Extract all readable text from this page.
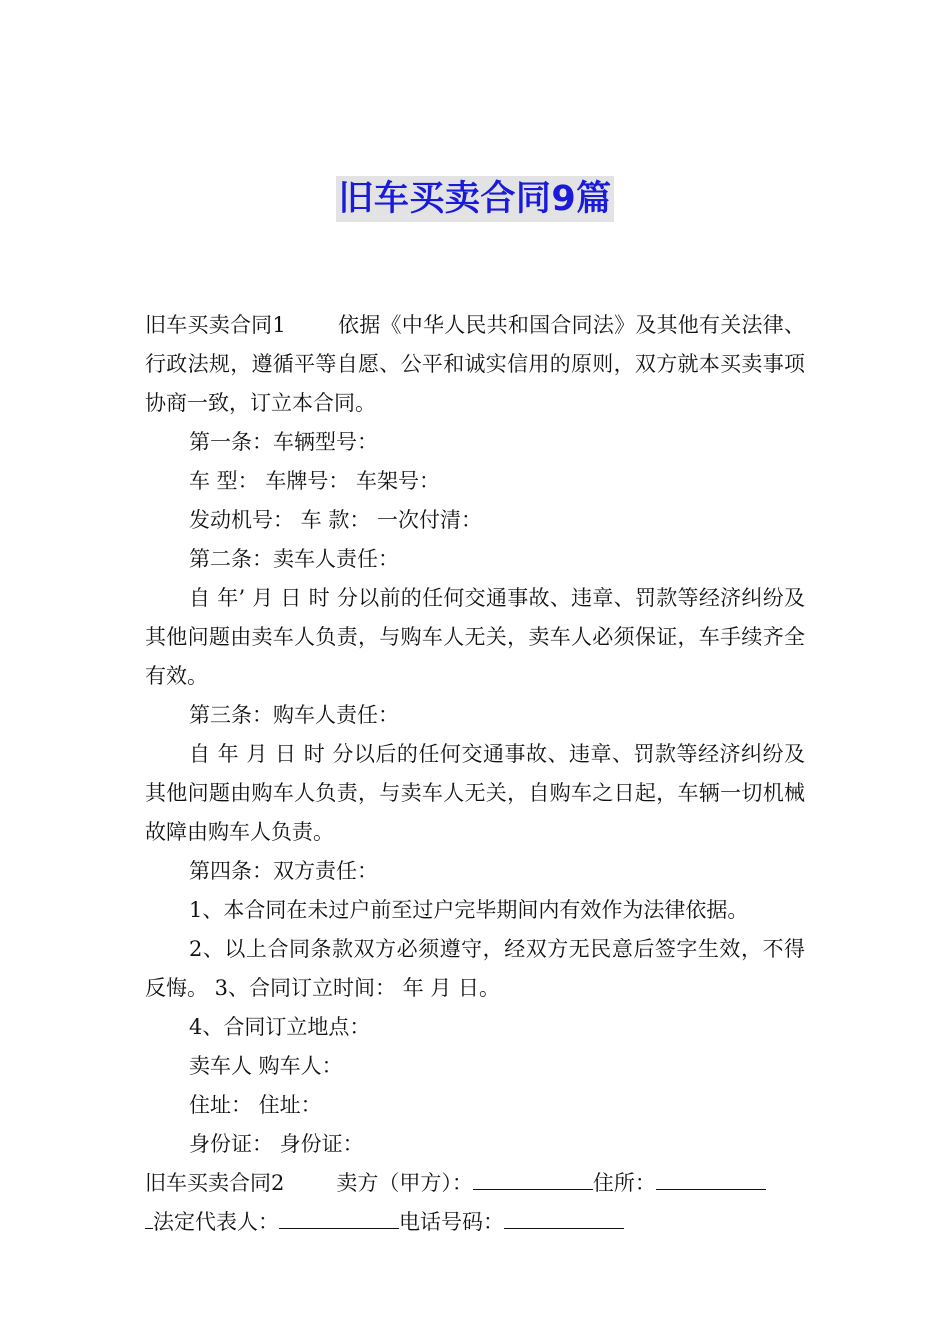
旧车买卖合同9篇

旧车买卖合同1 依据《中华人民共和国合同法》及其他有关法律、行政法规，遵循平等自愿、公平和诚实信用的原则，双方就本买卖事项协商一致，订立本合同。

第一条：车辆型号：

车 型： 车牌号： 车架号：

发动机号： 车 款： 一次付清：

第二条：卖车人责任：

自 年’ 月 日 时 分以前的任何交通事故、违章、罚款等经济纠纷及其他问题由卖车人负责，与购车人无关，卖车人必须保证，车手续齐全有效。

第三条：购车人责任：

自 年 月 日 时 分以后的任何交通事故、违章、罚款等经济纠纷及其他问题由购车人负责，与卖车人无关，自购车之日起，车辆一切机械故障由购车人负责。

第四条：双方责任：

1、本合同在未过户前至过户完毕期间内有效作为法律依据。

2、以上合同条款双方必须遵守，经双方无民意后签字生效，不得反悔。 3、合同订立时间： 年 月 日。

4、合同订立地点：

卖车人 购车人：

住址： 住址：

身份证： 身份证：

旧车买卖合同2 卖方（甲方）：	住所：

法定代表人：	电话号码：
